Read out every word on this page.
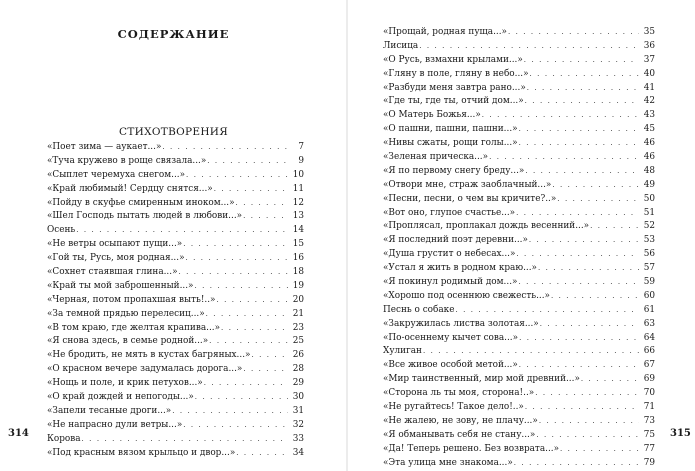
СОДЕРЖАНИЕ
СТИХОТВОРЕНИЯ
«Поет зима — аукает...» . . .	7
«Туча кружево в роще связала...» . . .	9
«Сыплет черемуха снегом...» . . .	10
«Край любимый! Сердцу снятся...» . . .	11
«Пойду в скуфье смиренным иноком...» . . .	12
«Шел Господь пытать людей в любови...» . . .	13
Осень . . .	14
«Не ветры осыпают пущи...» . . .	15
«Гой ты, Русь, моя родная...» . . .	16
«Сохнет стаявшая глина...» . . .	18
«Край ты мой заброшенный...» . . .	19
«Черная, потом пропахшая выть!..» . . .	20
«За темной прядью перелесиц...» . . .	21
«В том краю, где желтая крапива...» . . .	23
«Я снова здесь, в семье родной...» . . .	25
«Не бродить, не мять в кустах багряных...» . . .	26
«О красном вечере задумалась дорога...» . . .	28
«Нощь и поле, и крик петухов...» . . .	29
«О край дождей и непогоды...» . . .	30
«Запели тесаные дроги...» . . .	31
«Не напрасно дули ветры...» . . .	32
Корова . . .	33
«Под красным вязом крыльцо и двор...» . . .	34
314
«Прощай, родная пуща...» . . .	35
Лисица . . .	36
«О Русь, взмахни крылами...» . . .	37
«Гляну в поле, гляну в небо...» . . .	40
«Разбуди меня завтра рано...» . . .	41
«Где ты, где ты, отчий дом...» . . .	42
«О Матерь Божья...» . . .	43
«О пашни, пашни, пашни...» . . .	45
«Нивы сжаты, рощи голы...» . . .	46
«Зеленая прическа...» . . .	46
«Я по первому снегу бреду...» . . .	48
«Отвори мне, страж заоблачный...» . . .	49
«Песни, песни, о чем вы кричите?..» . . .	50
«Вот оно, глупое счастье...» . . .	51
«Проплясал, проплакал дождь весенний...» . . .	52
«Я последний поэт деревни...» . . .	53
«Душа грустит о небесах...» . . .	56
«Устал я жить в родном краю...» . . .	57
«Я покинул родимый дом...» . . .	59
«Хорошо под осеннюю свежесть...» . . .	60
Песнь о собаке . . .	61
«Закружилась листва золотая...» . . .	63
«По-осеннему кычет сова...» . . .	64
Хулиган . . .	66
«Все живое особой метой...» . . .	67
«Мир таинственный, мир мой древний...» . . .	69
«Сторона ль ты моя, сторона!..» . . .	70
«Не ругайтесь! Такое дело!..» . . .	71
«Не жалею, не зову, не плачу...» . . .	73
«Я обманывать себя не стану...» . . .	75
«Да! Теперь решено. Без возврата...» . . .	77
«Эта улица мне знакома...» . . .	79
315
